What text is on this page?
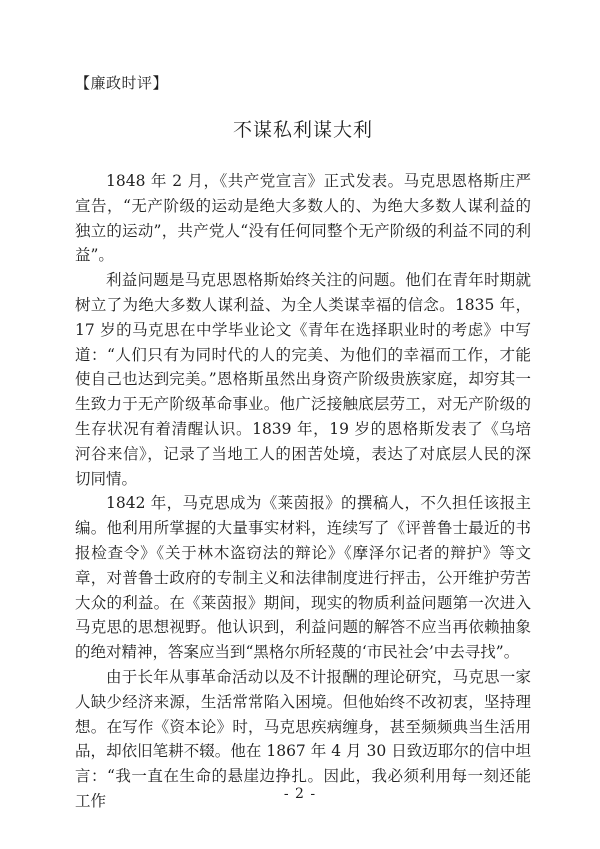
【廉政时评】
不谋私利谋大利

1848 年 2 月，《共产党宣言》正式发表。马克思恩格斯庄严宣告，“无产阶级的运动是绝大多数人的、为绝大多数人谋利益的独立的运动”，共产党人“没有任何同整个无产阶级的利益不同的利益”。

利益问题是马克思恩格斯始终关注的问题。他们在青年时期就树立了为绝大多数人谋利益、为全人类谋幸福的信念。1835 年，17 岁的马克思在中学毕业论文《青年在选择职业时的考虑》中写道：“人们只有为同时代的人的完美、为他们的幸福而工作，才能使自己也达到完美。”恩格斯虽然出身资产阶级贵族家庭，却穷其一生致力于无产阶级革命事业。他广泛接触底层劳工，对无产阶级的生存状况有着清醒认识。1839 年，19 岁的恩格斯发表了《乌培河谷来信》，记录了当地工人的困苦处境，表达了对底层人民的深切同情。

1842 年，马克思成为《莱茵报》的撰稿人，不久担任该报主编。他利用所掌握的大量事实材料，连续写了《评普鲁士最近的书报检查令》《关于林木盗窃法的辩论》《摩泽尔记者的辩护》等文章，对普鲁士政府的专制主义和法律制度进行抨击，公开维护劳苦大众的利益。在《莱茵报》期间，现实的物质利益问题第一次进入马克思的思想视野。他认识到，利益问题的解答不应当再依赖抽象的绝对精神，答案应当到“黑格尔所轻蔑的‘市民社会’中去寻找”。

由于长年从事革命活动以及不计报酬的理论研究，马克思一家人缺少经济来源，生活常常陷入困境。但他始终不改初衷，坚持理想。在写作《资本论》时，马克思疾病缠身，甚至频频典当生活用品，却依旧笔耕不辍。他在 1867 年 4 月 30 日致迈耶尔的信中坦言：“我一直在生命的悬崖边挣扎。因此，我必须利用每一刻还能工作	- 2 -
